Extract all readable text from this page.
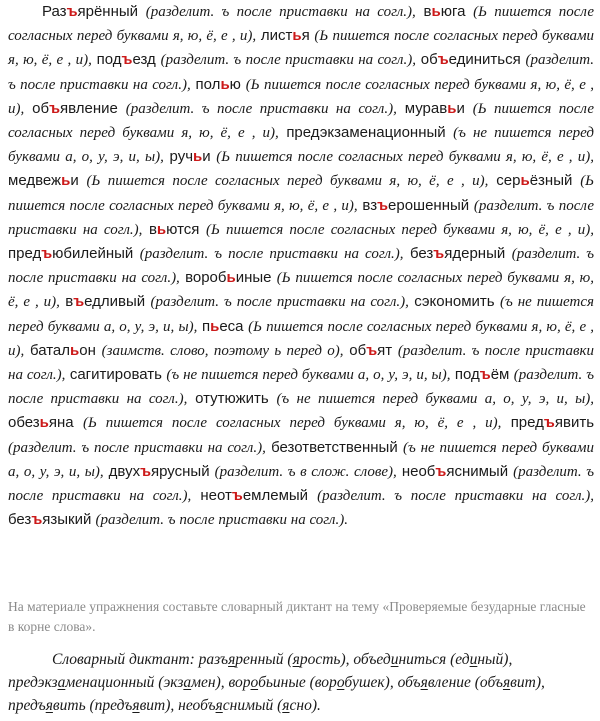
Разъярённый (разделит. ъ после приставки на согл.), вьюга (Ь пишется после согласных перед буквами я, ю, ё, е , и), листья (Ь пишется после согласных перед буквами я, ю, ё, е , и), подъезд (разделит. ъ после приставки на согл.), объединиться (разделит. ъ после приставки на согл.), полью (Ь пишется после согласных перед буквами я, ю, ё, е , и), объявление (разделит. ъ после приставки на согл.), муравьи (Ь пишется после согласных перед буквами я, ю, ё, е , и), предэкзаменационный (ъ не пишется перед буквами а, о, у, э, и, ы), ручьи (Ь пишется после согласных перед буквами я, ю, ё, е , и), медвежьи (Ь пишется после согласных перед буквами я, ю, ё, е , и), серьёзный (Ь пишется после согласных перед буквами я, ю, ё, е , и), взъерошенный (разделит. ъ после приставки на согл.), вьются (Ь пишется после согласных перед буквами я, ю, ё, е , и), предъюбилейный (разделит. ъ после приставки на согл.), безъядерный (разделит. ъ после приставки на согл.), воробьиные (Ь пишется после согласных перед буквами я, ю, ё, е , и), въедливый (разделит. ъ после приставки на согл.), сэкономить (ъ не пишется перед буквами а, о, у, э, и, ы), пьеса (Ь пишется после согласных перед буквами я, ю, ё, е , и), батальон (заимств. слово, поэтому ь перед о), объят (разделит. ъ после приставки на согл.), сагитировать (ъ не пишется перед буквами а, о, у, э, и, ы), подъём (разделит. ъ после приставки на согл.), отутюжить (ъ не пишется перед буквами а, о, у, э, и, ы), обезьяна (Ь пишется после согласных перед буквами я, ю, ё, е , и), предъявить (разделит. ъ после приставки на согл.), безответственный (ъ не пишется перед буквами а, о, у, э, и, ы), двухъярусный (разделит. ъ в слож. слове), необъяснимый (разделит. ъ после приставки на согл.), неотъемлемый (разделит. ъ после приставки на согл.), безъязыкий (разделит. ъ после приставки на согл.).
На материале упражнения составьте словарный диктант на тему «Проверяемые безударные гласные в корне слова».
Словарный диктант: разъяренный (ярость), объединиться (единый), предэкзаменационный (экзамен), воробьиные (воробушек), объявление (объявит), предъявить (предъявит), необъяснимый (ясно).
